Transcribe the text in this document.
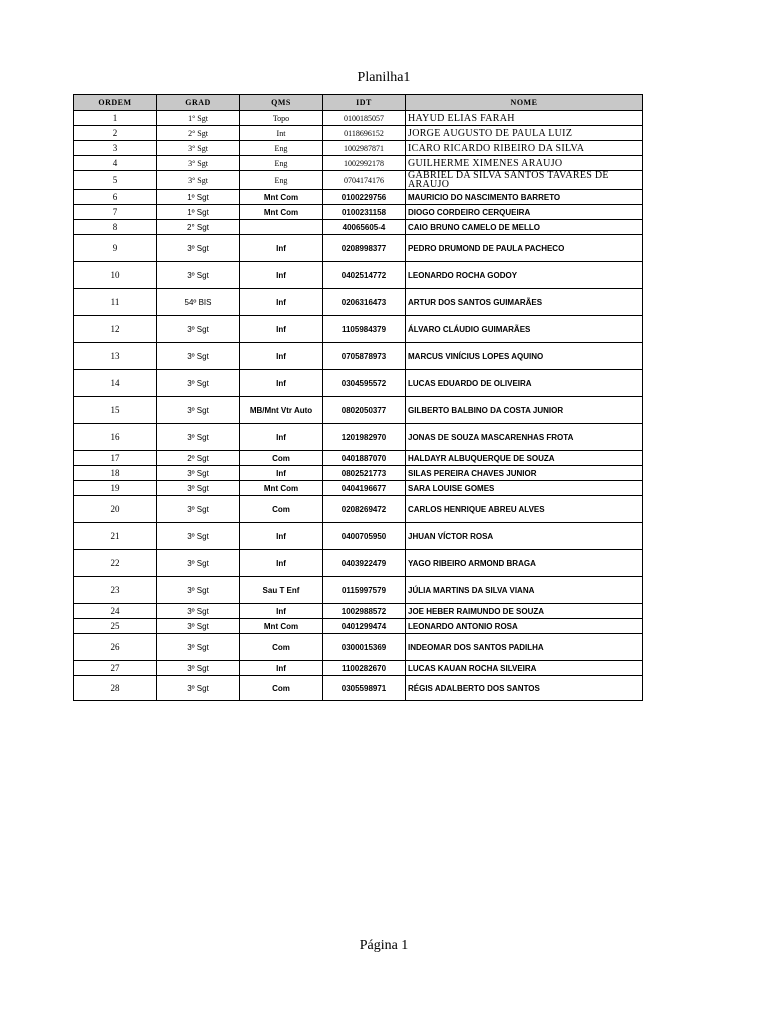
Planilha1
ORDEM	GRAD	QMS	IDT	NOME
1	1° Sgt	Topo	0100185057	HAYUD ELIAS FARAH
2	2° Sgt	Int	0118696152	JORGE AUGUSTO DE PAULA LUIZ
3	3° Sgt	Eng	1002987871	ICARO RICARDO RIBEIRO DA SILVA
4	3° Sgt	Eng	1002992178	GUILHERME XIMENES ARAUJO
5	3° Sgt	Eng	0704174176	GABRIEL DA SILVA SANTOS TAVARES DE ARAUJO
6	1º Sgt	Mnt Com	0100229756	MAURICIO DO NASCIMENTO BARRETO
7	1º Sgt	Mnt Com	0100231158	DIOGO CORDEIRO CERQUEIRA
8	2° Sgt		40065605-4	CAIO BRUNO CAMELO DE MELLO
9	3º Sgt	Inf	0208998377	PEDRO DRUMOND DE PAULA PACHECO
10	3º Sgt	Inf	0402514772	LEONARDO ROCHA GODOY
11	54º BIS	Inf	0206316473	ARTUR DOS SANTOS GUIMARÃES
12	3º Sgt	Inf	1105984379	ÁLVARO CLÁUDIO GUIMARÃES
13	3º Sgt	Inf	0705878973	MARCUS VINÍCIUS LOPES AQUINO
14	3º Sgt	Inf	0304595572	LUCAS EDUARDO DE OLIVEIRA
15	3º Sgt	MB/Mnt Vtr Auto	0802050377	GILBERTO BALBINO DA COSTA JUNIOR
16	3º Sgt	Inf	1201982970	JONAS DE SOUZA MASCARENHAS FROTA
17	2º Sgt	Com	0401887070	HALDAYR ALBUQUERQUE DE SOUZA
18	3º Sgt	Inf	0802521773	SILAS PEREIRA CHAVES JUNIOR
19	3º Sgt	Mnt Com	0404196677	SARA LOUISE GOMES
20	3º Sgt	Com	0208269472	CARLOS HENRIQUE ABREU ALVES
21	3º Sgt	Inf	0400705950	JHUAN VÍCTOR ROSA
22	3º Sgt	Inf	0403922479	YAGO RIBEIRO ARMOND BRAGA
23	3º Sgt	Sau T Enf	0115997579	JÚLIA MARTINS DA SILVA VIANA
24	3º Sgt	Inf	1002988572	JOE HEBER RAIMUNDO DE SOUZA
25	3º Sgt	Mnt Com	0401299474	LEONARDO ANTONIO ROSA
26	3º Sgt	Com	0300015369	INDEOMAR DOS SANTOS PADILHA
27	3º Sgt	Inf	1100282670	LUCAS KAUAN ROCHA SILVEIRA
28	3º Sgt	Com	0305598971	RÉGIS ADALBERTO DOS SANTOS
Página 1
